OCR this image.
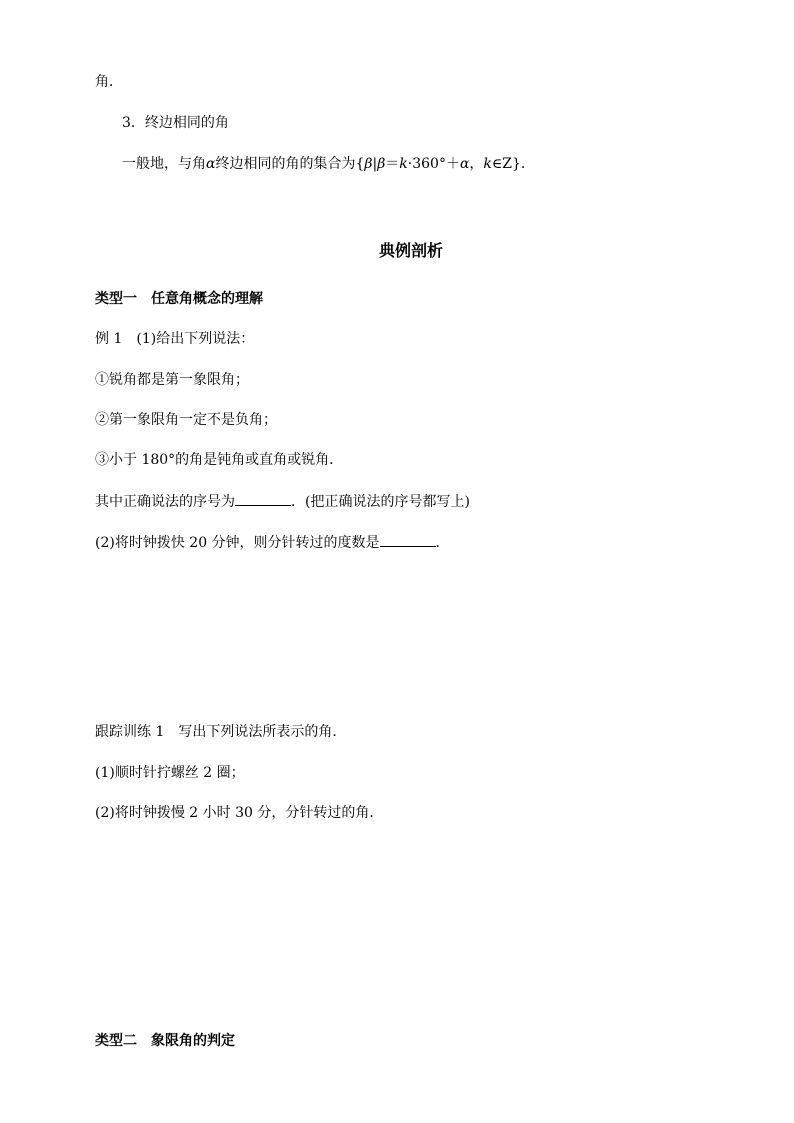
角．
3．终边相同的角
一般地，与角α终边相同的角的集合为{β|β＝k·360°＋α，k∈Z}．
典例剖析
类型一　任意角概念的理解
例 1　(1)给出下列说法：
①锐角都是第一象限角；
②第一象限角一定不是负角；
③小于 180°的角是钝角或直角或锐角．
其中正确说法的序号为	．(把正确说法的序号都写上)
(2)将时钟拨快 20 分钟，则分针转过的度数是	．
跟踪训练 1　写出下列说法所表示的角．
(1)顺时针拧螺丝 2 圈；
(2)将时钟拨慢 2 小时 30 分，分针转过的角．
类型二　象限角的判定
